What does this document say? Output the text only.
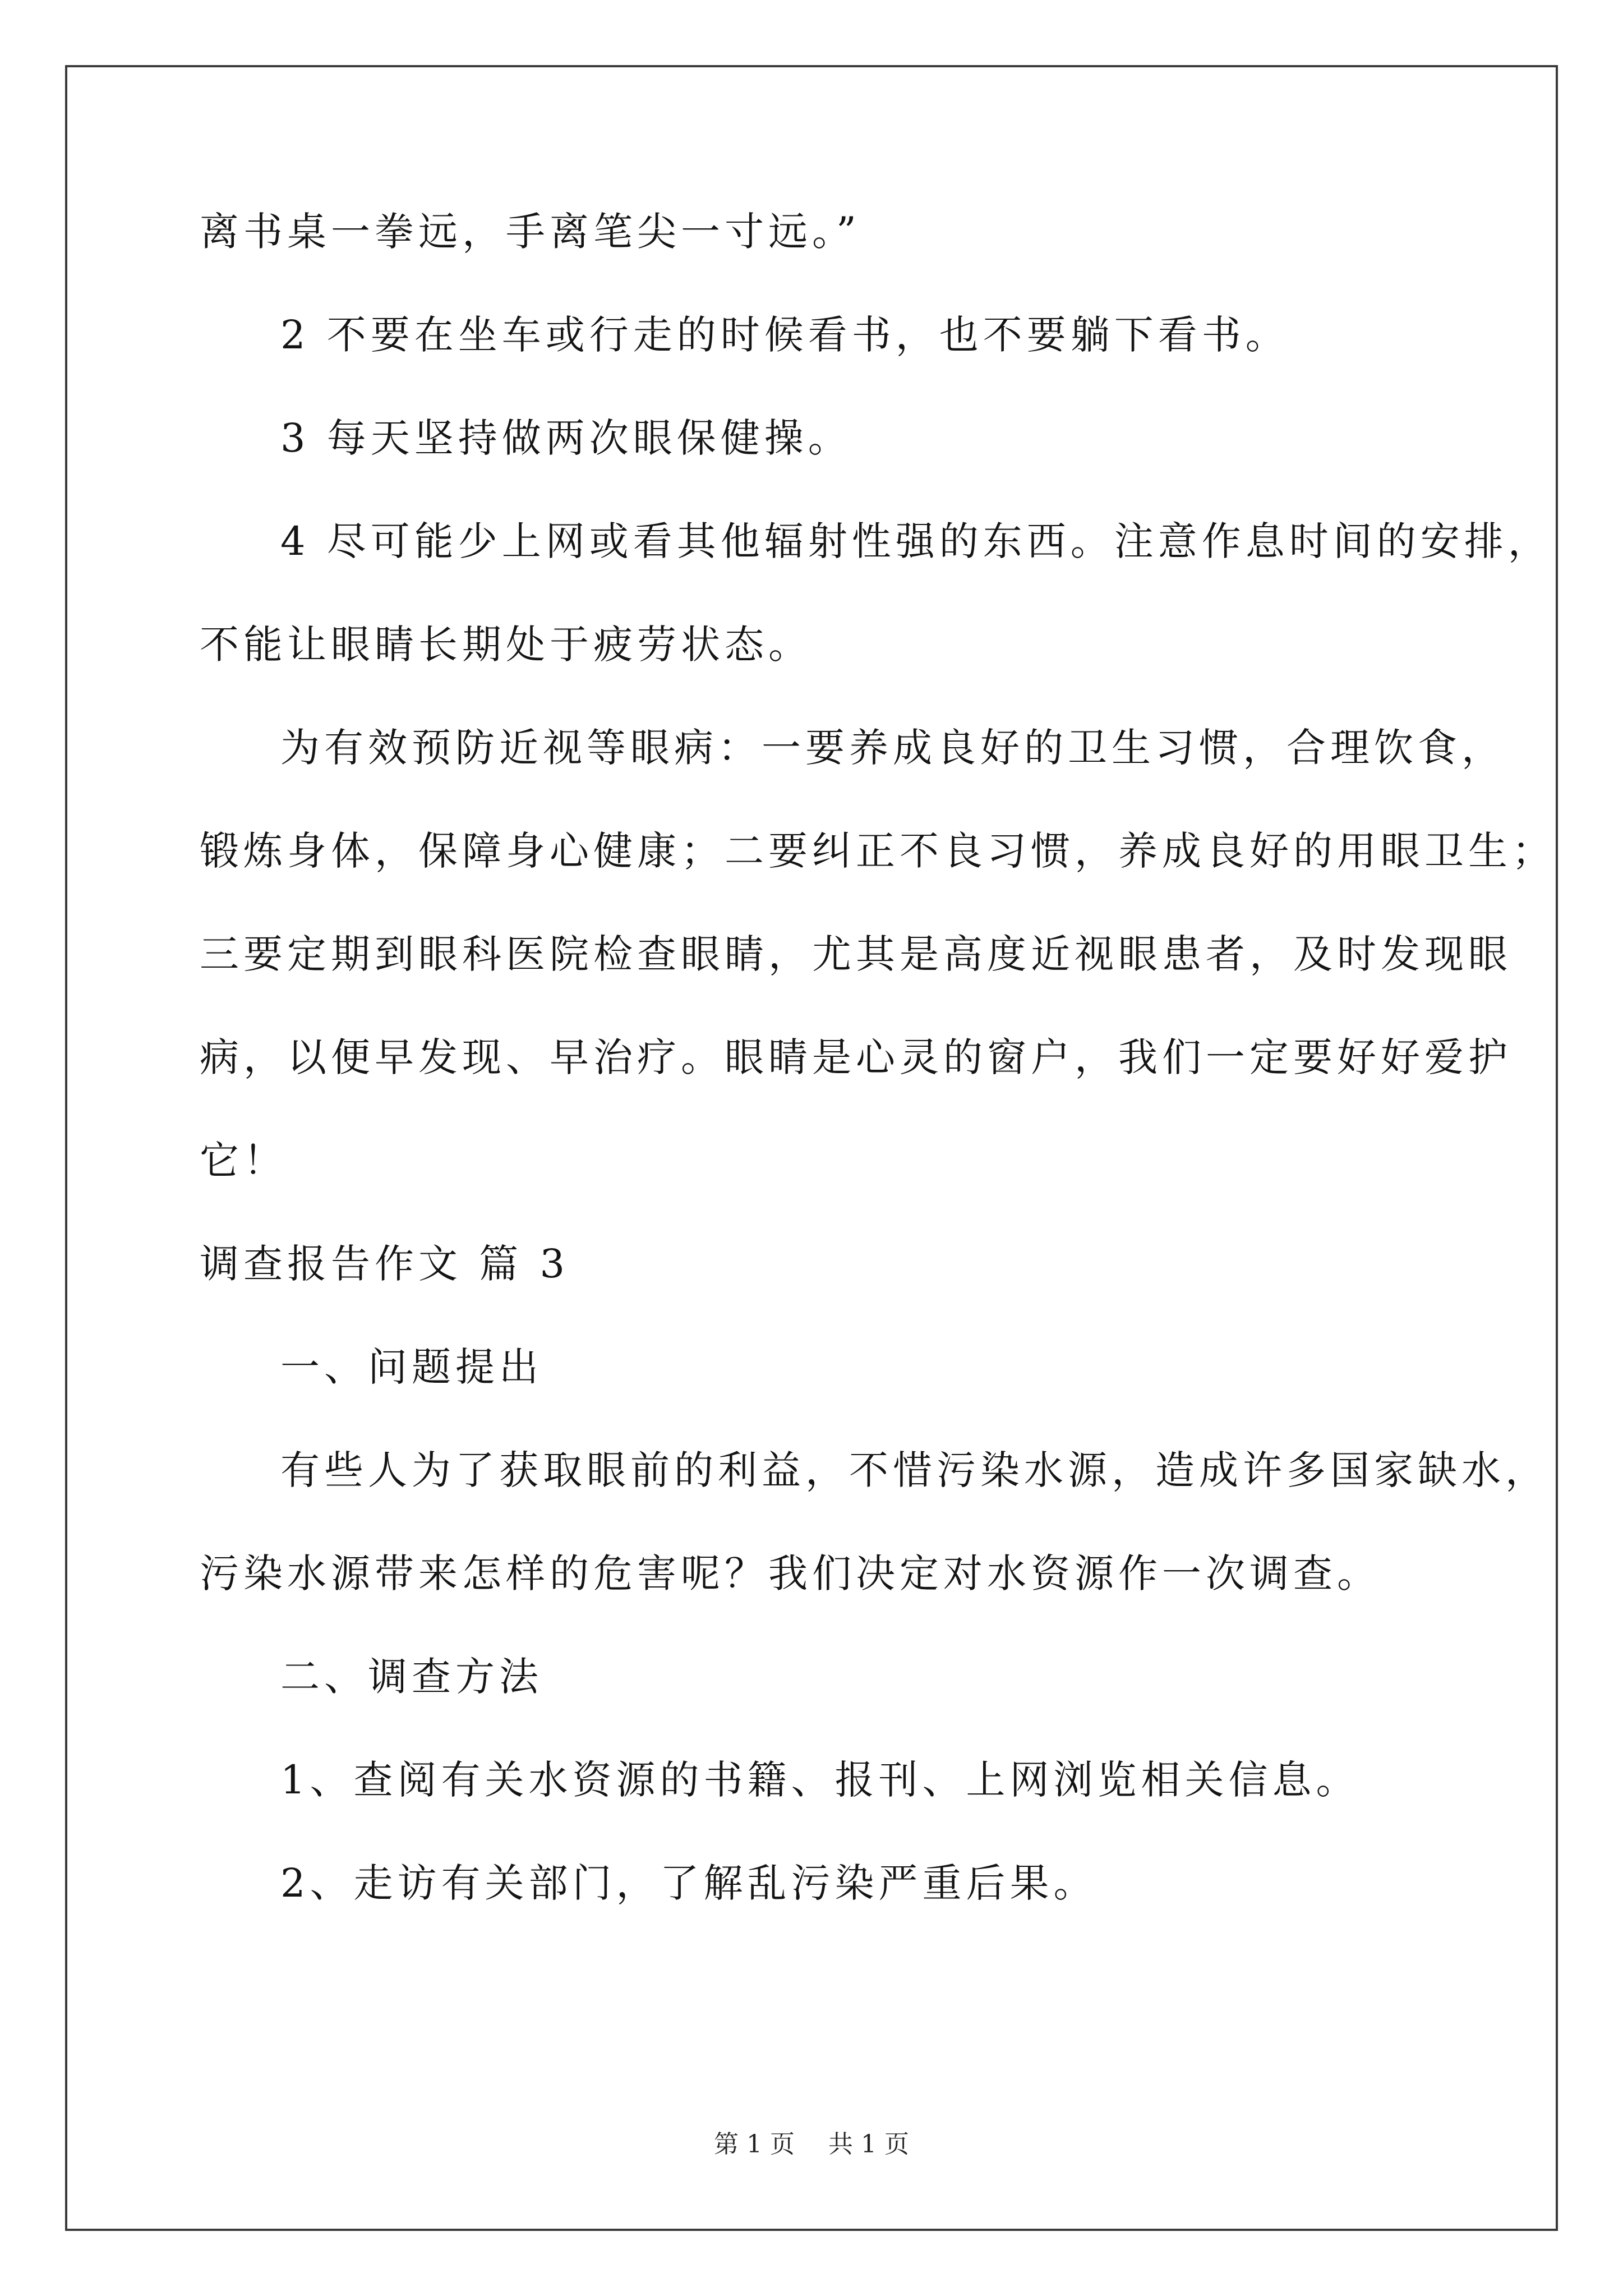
离书桌一拳远，手离笔尖一寸远。”
2 不要在坐车或行走的时候看书，也不要躺下看书。
3 每天坚持做两次眼保健操。
4 尽可能少上网或看其他辐射性强的东西。注意作息时间的安排，
不能让眼睛长期处于疲劳状态。
为有效预防近视等眼病：一要养成良好的卫生习惯，合理饮食，
锻炼身体，保障身心健康；二要纠正不良习惯，养成良好的用眼卫生；
三要定期到眼科医院检查眼睛，尤其是高度近视眼患者，及时发现眼
病，以便早发现、早治疗。眼睛是心灵的窗户，我们一定要好好爱护
它！
调查报告作文 篇 3
一、问题提出
有些人为了获取眼前的利益，不惜污染水源，造成许多国家缺水，
污染水源带来怎样的危害呢？我们决定对水资源作一次调查。
二、调查方法
1、查阅有关水资源的书籍、报刊、上网浏览相关信息。
2、走访有关部门，了解乱污染严重后果。
第 1 页 共 1 页
